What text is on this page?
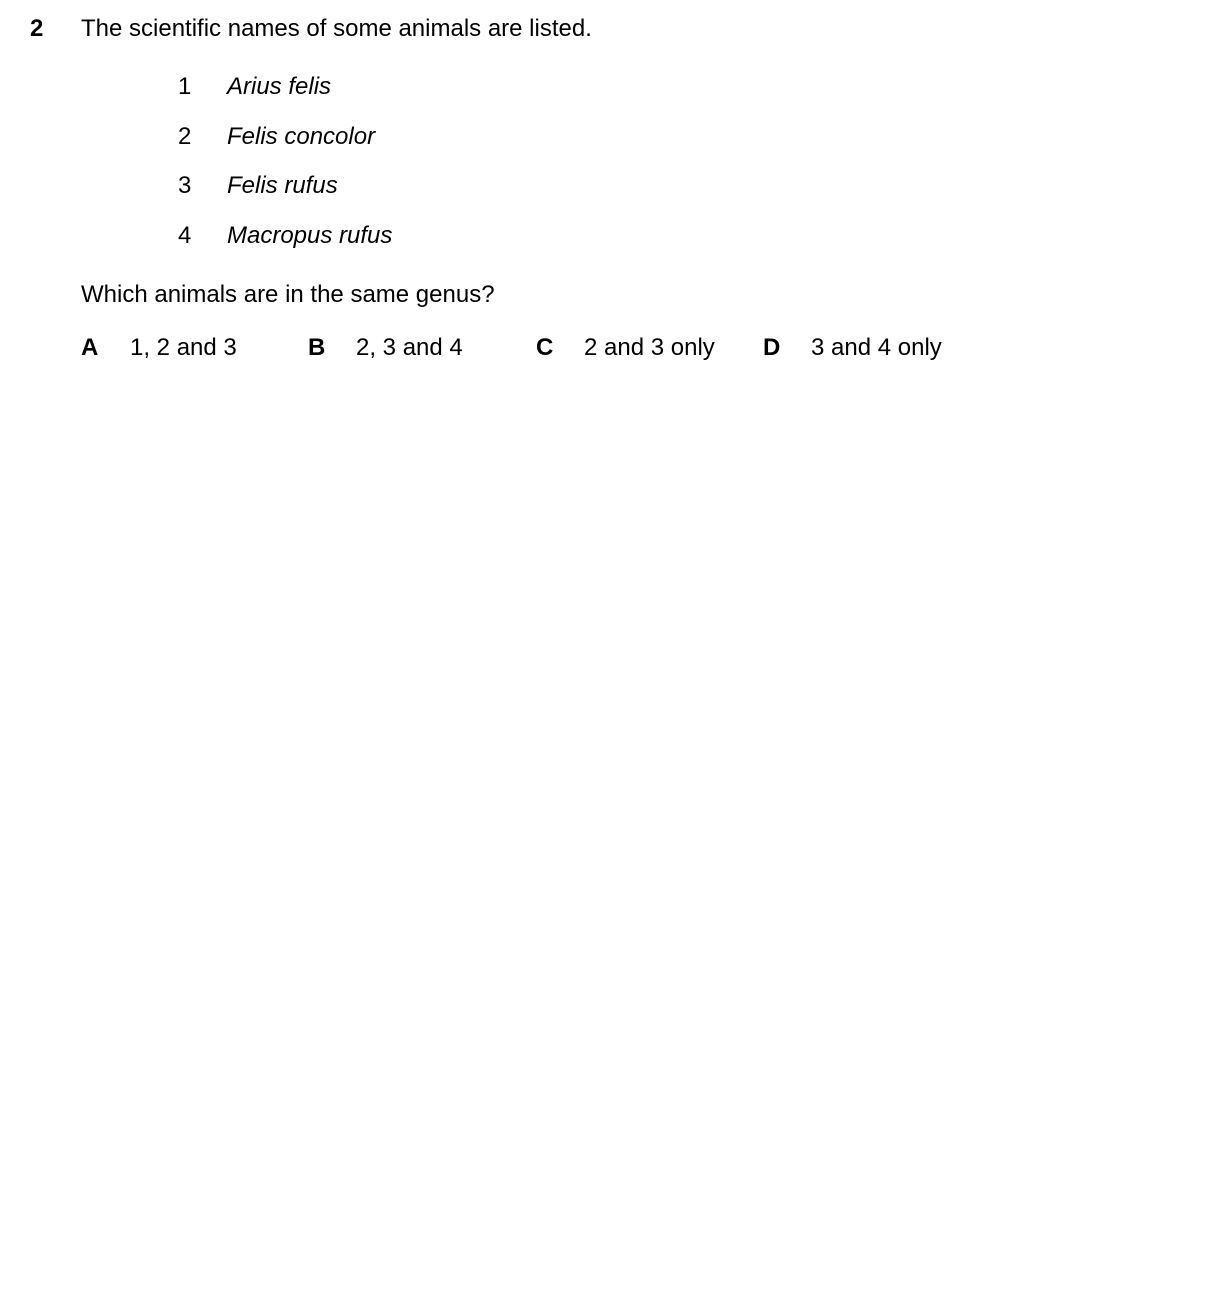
2 The scientific names of some animals are listed.
1 Arius felis
2 Felis concolor
3 Felis rufus
4 Macropus rufus
Which animals are in the same genus?
A 1, 2 and 3	B 2, 3 and 4	C 2 and 3 only D 3 and 4 only
